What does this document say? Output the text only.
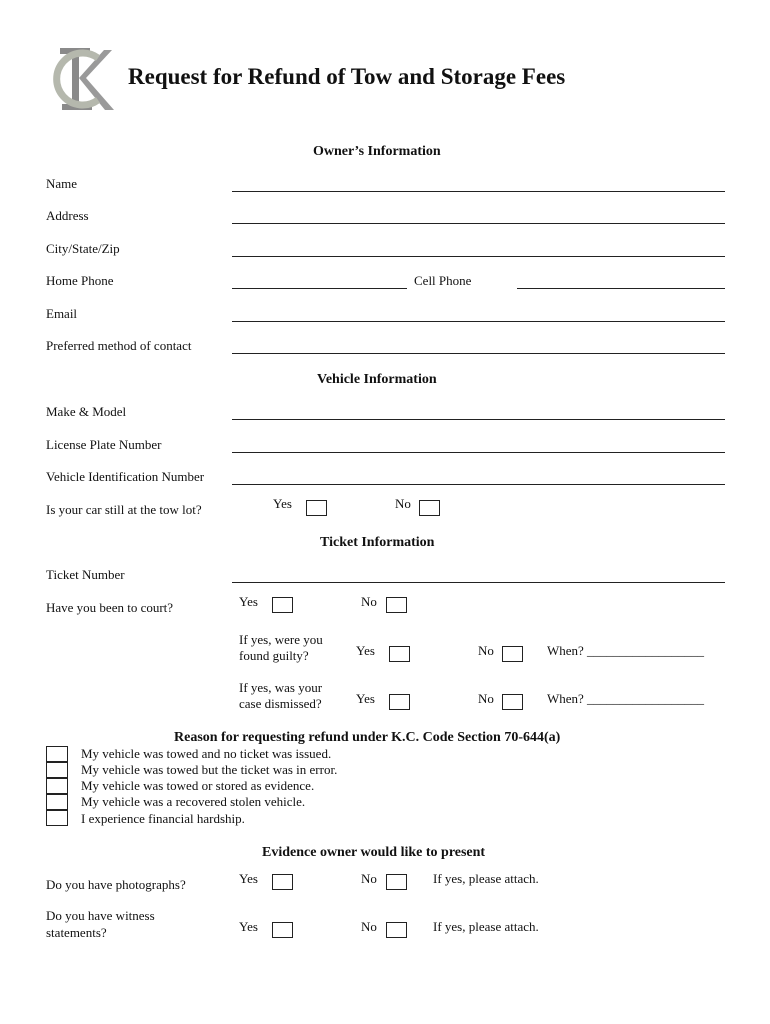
Request for Refund of Tow and Storage Fees
Owner’s Information
Name
Address
City/State/Zip
Home Phone	Cell Phone
Email
Preferred method of contact
Vehicle Information
Make & Model
License Plate Number
Vehicle Identification Number
Is your car still at the tow lot?	Yes	No
Ticket Information
Ticket Number
Have you been to court?	Yes	No
If yes, were you
found guilty?	Yes	No	When? __________________
If yes, was your
case dismissed?	Yes	No	When? __________________
Reason for requesting refund under K.C. Code Section 70-644(a)
My vehicle was towed and no ticket was issued.
My vehicle was towed but the ticket was in error.
My vehicle was towed or stored as evidence.
My vehicle was a recovered stolen vehicle.
I experience financial hardship.
Evidence owner would like to present
Do you have photographs?	Yes	No	If yes, please attach.
Do you have witness
statements?	Yes	No	If yes, please attach.
